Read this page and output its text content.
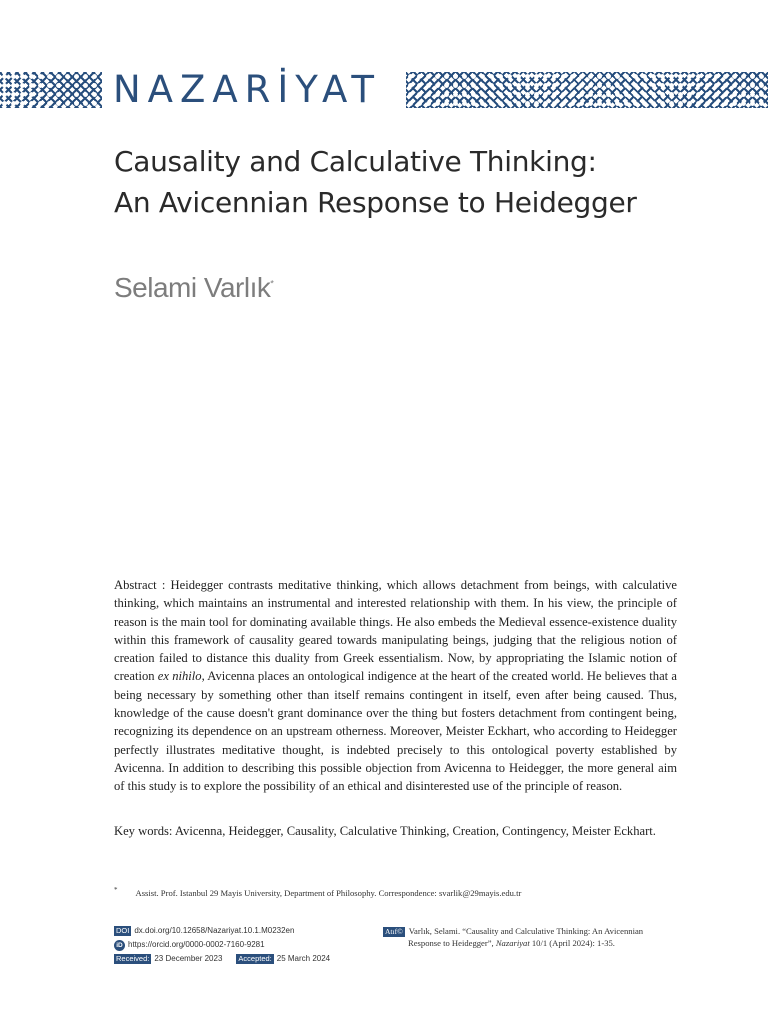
NAZARİYAT
Causality and Calculative Thinking:
An Avicennian Response to Heidegger
Selami Varlık*

Abstract : Heidegger contrasts meditative thinking, which allows detachment from beings, with calculative thinking, which maintains an instrumental and interested relationship with them. In his view, the principle of reason is the main tool for dominating available things. He also embeds the Medieval essence-existence duality within this framework of causality geared towards manipulating beings, judging that the religious notion of creation failed to distance this duality from Greek essentialism. Now, by appropriating the Islamic notion of creation ex nihilo, Avicenna places an ontological indigence at the heart of the created world. He believes that a being necessary by something other than itself remains contingent in itself, even after being caused. Thus, knowledge of the cause doesn't grant dominance over the thing but fosters detachment from contingent being, recognizing its dependence on an upstream otherness. Moreover, Meister Eckhart, who according to Heidegger perfectly illustrates meditative thought, is indebted precisely to this ontological poverty established by Avicenna. In addition to describing this possible objection from Avicenna to Heidegger, the more general aim of this study is to explore the possibility of an ethical and disinterested use of the principle of reason.

Key words: Avicenna, Heidegger, Causality, Calculative Thinking, Creation, Contingency, Meister Eckhart.

* Assist. Prof. Istanbul 29 Mayis University, Department of Philosophy. Correspondence: svarlik@29mayis.edu.tr
DOI dx.doi.org/10.12658/Nazariyat.10.1.M0232en
iD https://orcid.org/0000-0002-7160-9281
Received: 23 December 2023 Accepted: 25 March 2024
Atıf© Varlık, Selami. “Causality and Calculative Thinking: An Avicennian
Response to Heidegger”, Nazariyat 10/1 (April 2024): 1-35.
